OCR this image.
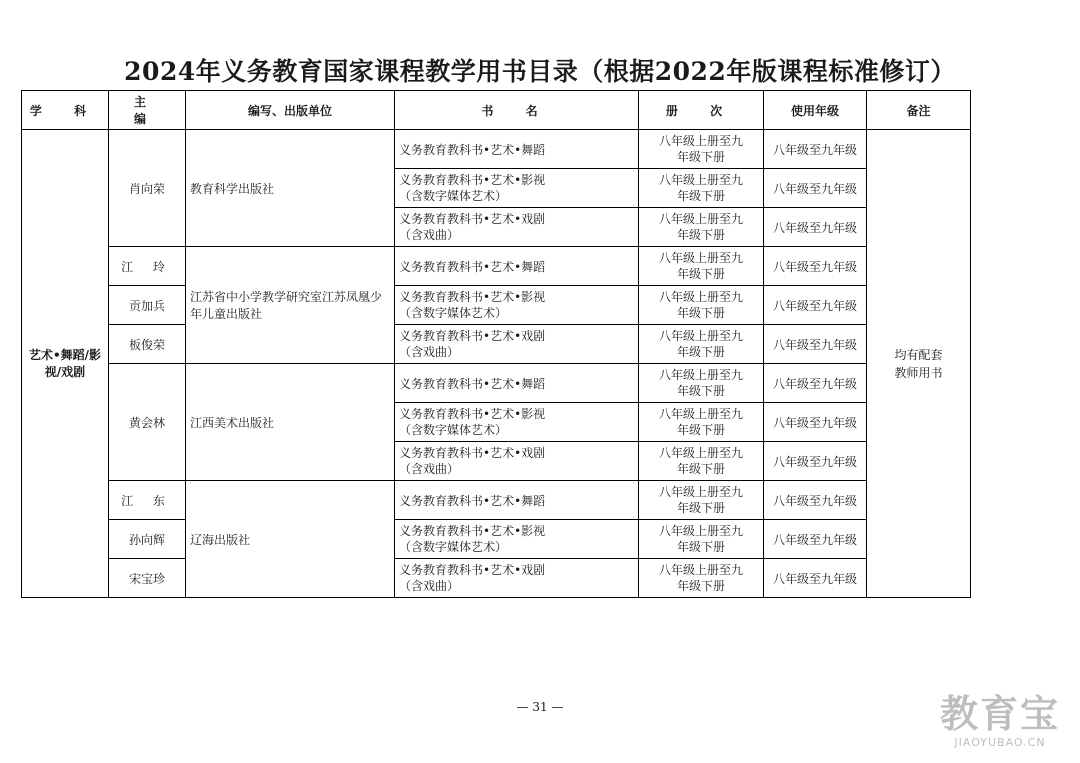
2024年义务教育国家课程教学用书目录（根据2022年版课程标准修订）
学 科	主 编	编写、出版单位	书 名	册 次	使用年级	备注

艺术•舞蹈/影视/戏剧	肖向荣	教育科学出版社	义务教育教科书•艺术•舞蹈	八年级上册至九年级下册	八年级至九年级	均有配套教师用书

			义务教育教科书•艺术•影视（含数字媒体艺术）	八年级上册至九年级下册	八年级至九年级	

			义务教育教科书•艺术•戏剧（含戏曲）	八年级上册至九年级下册	八年级至九年级	
	江 玲	江苏省中小学教学研究室江苏凤凰少年儿童出版社	义务教育教科书•艺术•舞蹈	八年级上册至九年级下册	八年级至九年级	
	贡加兵		义务教育教科书•艺术•影视（含数字媒体艺术）	八年级上册至九年级下册	八年级至九年级	
	板俊荣		义务教育教科书•艺术•戏剧（含戏曲）	八年级上册至九年级下册	八年级至九年级	
	黄会林	江西美术出版社	义务教育教科书•艺术•舞蹈	八年级上册至九年级下册	八年级至九年级	

			义务教育教科书•艺术•影视（含数字媒体艺术）	八年级上册至九年级下册	八年级至九年级	

			义务教育教科书•艺术•戏剧（含戏曲）	八年级上册至九年级下册	八年级至九年级	
	江 东	辽海出版社	义务教育教科书•艺术•舞蹈	八年级上册至九年级下册	八年级至九年级	
	孙向辉		义务教育教科书•艺术•影视（含数字媒体艺术）	八年级上册至九年级下册	八年级至九年级	
	宋宝珍		义务教育教科书•艺术•戏剧（含戏曲）	八年级上册至九年级下册	八年级至九年级	
— 31 —	教育宝
JIAOYUBAO.CN
